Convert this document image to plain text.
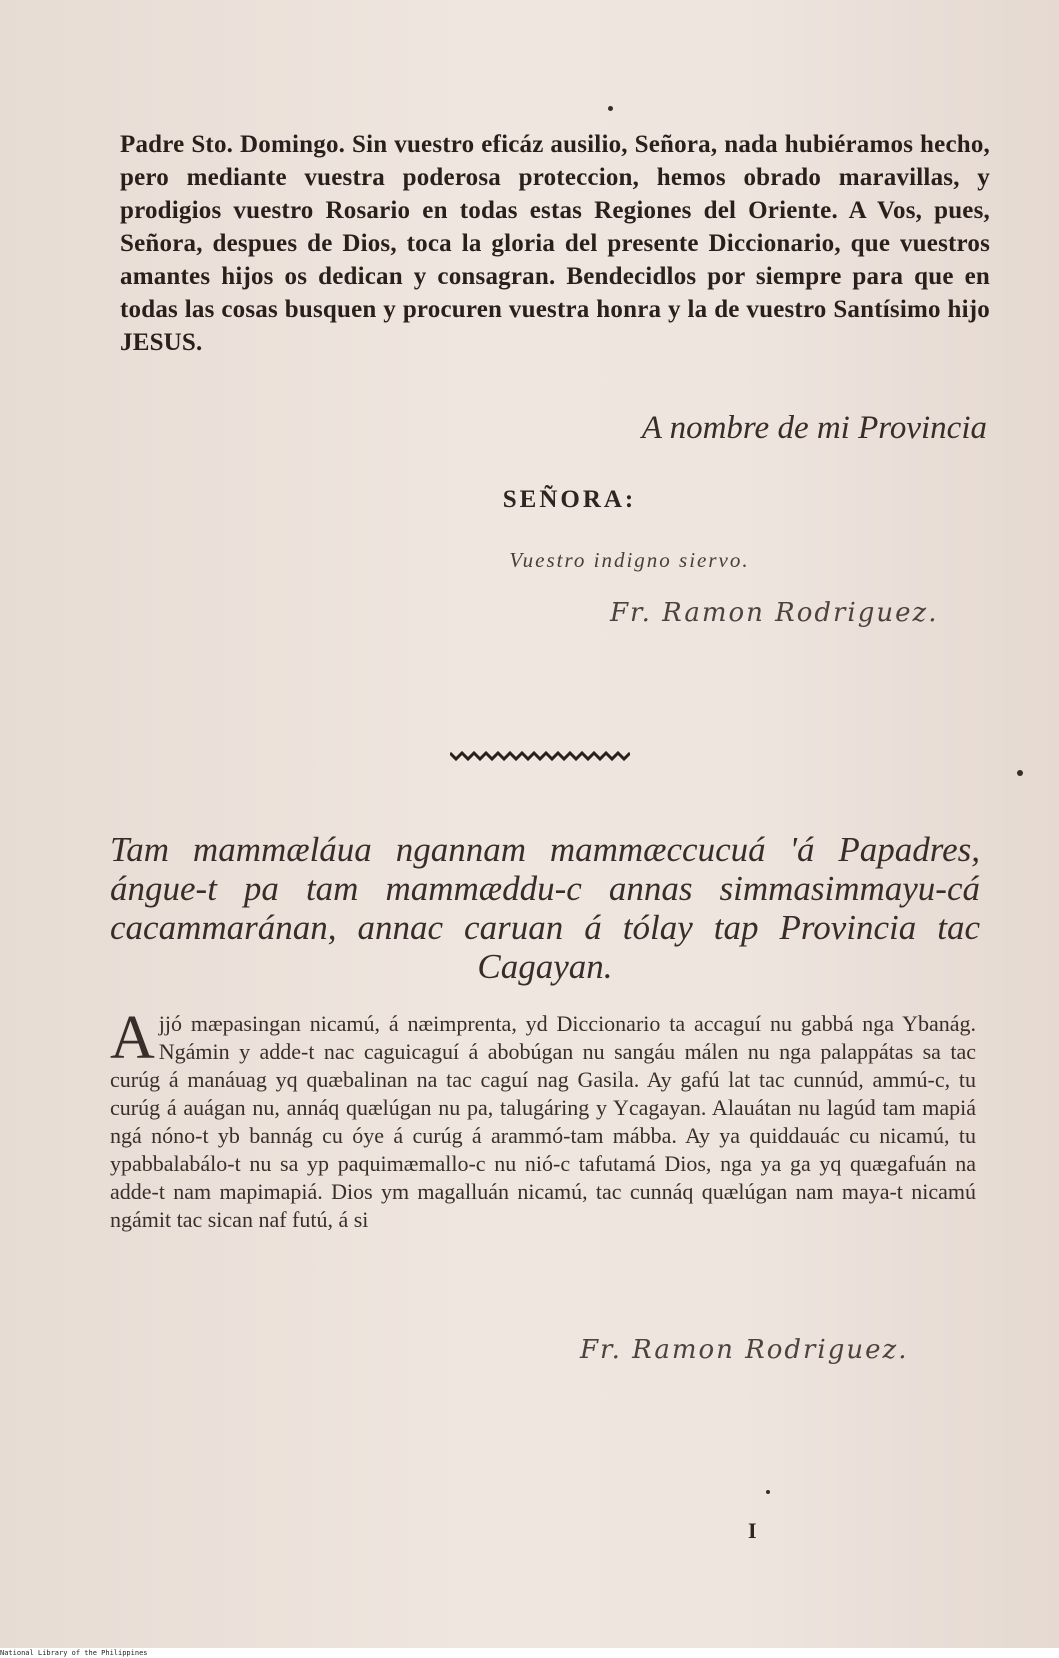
Padre Sto. Domingo. Sin vuestro eficáz ausilio, Señora, nada hubiéramos hecho, pero mediante vuestra poderosa proteccion, hemos obrado maravillas, y prodigios vuestro Rosario en todas estas Regiones del Oriente. A Vos, pues, Señora, despues de Dios, toca la gloria del presente Diccionario, que vuestros amantes hijos os dedican y consagran. Bendecidlos por siempre para que en todas las cosas busquen y procuren vuestra honra y la de vuestro Santísimo hijo JESUS.
A nombre de mi Provincia
SEÑORA:
Vuestro indigno siervo.
Fr. Ramon Rodriguez.
Tam mammæláua ngannam mammæccucuá 'á Papadres, ángue-t pa tam mammæddu-c annas simmasimmayu-cá cacammaránan, annac caruan á tólay tap Provincia tac Cagayan.
Ajjó mæpasingan nicamú, á næimprenta, yd Diccionario ta accaguí nu gabbá nga Ybanág. Ngámin y adde-t nac caguicaguí á abobúgan nu sangáu málen nu nga palappátas sa tac curúg á manáuag yq quæbalinan na tac caguí nag Gasila. Ay gafú lat tac cunnúd, ammú-c, tu curúg á auágan nu, annáq quælúgan nu pa, talugáring y Ycagayan. Alauátan nu lagúd tam mapiá ngá nóno-t yb bannág cu óye á curúg á arammó-tam mábba. Ay ya quiddauác cu nicamú, tu ypabbalabálo-t nu sa yp paquimæmallo-c nu nió-c tafutamá Dios, nga ya ga yq quægafuán na adde-t nam mapimapiá. Dios ym magalluán nicamú, tac cunnáq quælúgan nam maya-t nicamú ngámit tac sican naf futú, á si
Fr. Ramon Rodriguez.
I
National Library of the Philippines
